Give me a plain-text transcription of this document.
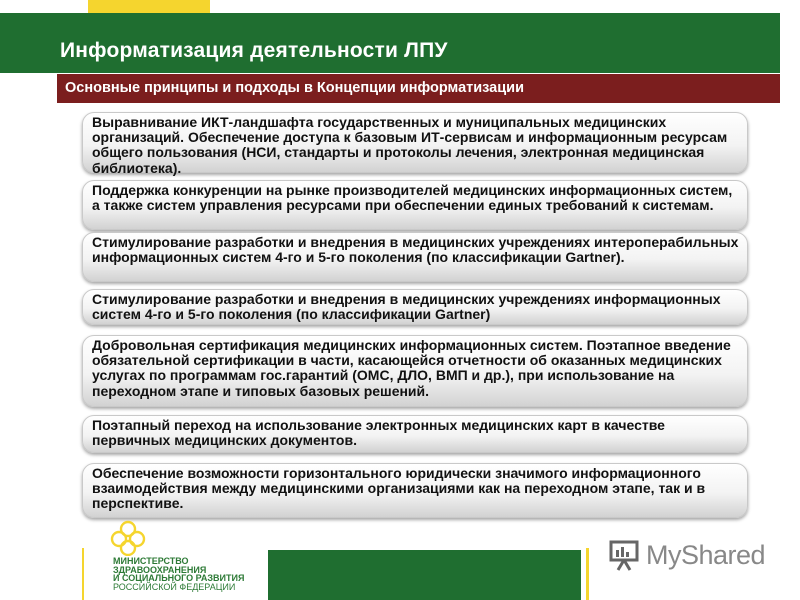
Информатизация деятельности ЛПУ
Основные принципы и подходы в Концепции информатизации
Выравнивание ИКТ-ландшафта государственных и муниципальных медицинских организаций. Обеспечение доступа к базовым ИТ-сервисам и информационным ресурсам общего пользования (НСИ, стандарты и протоколы лечения, электронная медицинская библиотека).
Поддержка конкуренции на рынке производителей медицинских информационных систем, а также систем управления ресурсами при обеспечении единых требований к системам.
Стимулирование разработки и внедрения в медицинских учреждениях интероперабильных информационных систем 4-го и 5-го поколения (по классификации Gartner).
Стимулирование разработки и внедрения в медицинских учреждениях информационных систем 4-го и 5-го поколения (по классификации Gartner)
Добровольная сертификация медицинских информационных систем. Поэтапное введение обязательной сертификации в части, касающейся отчетности об оказанных медицинских услугах по программам гос.гарантий (ОМС, ДЛО, ВМП и др.), при использование на переходном этапе и типовых базовых решений.
Поэтапный переход на использование электронных медицинских карт в качестве первичных медицинских документов.
Обеспечение возможности горизонтального юридически значимого информационного взаимодействия между медицинскими организациями как на переходном этапе, так и в перспективе.
МИНИСТЕРСТВО
ЗДРАВООХРАНЕНИЯ
И СОЦИАЛЬНОГО РАЗВИТИЯ
РОССИЙСКОЙ ФЕДЕРАЦИИ
MyShared
